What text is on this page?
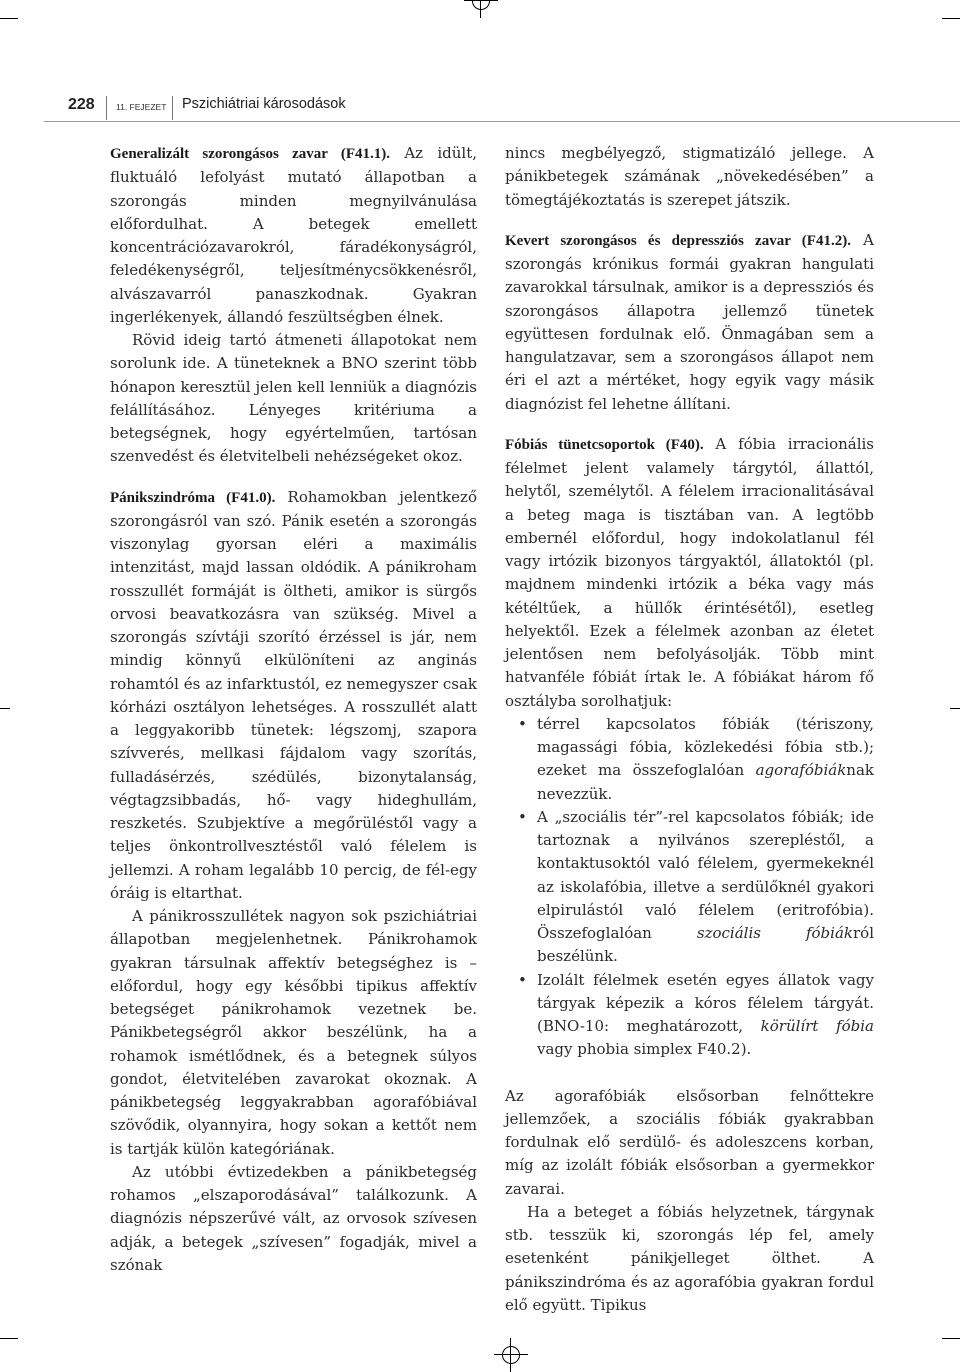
228	11. FEJEZET Pszichiátriai károsodások

Generalizált szorongásos zavar (F41.1). Az idült, fluktuáló lefolyást mutató állapotban a szorongás minden megnyilvánulása előfordulhat. A betegek emellett koncentrációzavarokról, fáradékonyságról, feledékenységről, teljesítménycsökkenésről, alvászavarról panaszkodnak. Gyakran ingerlékenyek, állandó feszültségben élnek.

Rövid ideig tartó átmeneti állapotokat nem sorolunk ide. A tüneteknek a BNO szerint több hónapon keresztül jelen kell lenniük a diagnózis felállításához. Lényeges kritériuma a betegségnek, hogy egyértelműen, tartósan szenvedést és életvitelbeli nehézségeket okoz.

Pánikszindróma (F41.0). Rohamokban jelentkező szorongásról van szó. Pánik esetén a szorongás viszonylag gyorsan eléri a maximális intenzitást, majd lassan oldódik. A pánikroham rosszullét formáját is öltheti, amikor is sürgős orvosi beavatkozásra van szükség. Mivel a szorongás szívtáji szorító érzéssel is jár, nem mindig könnyű elkülöníteni az anginás rohamtól és az infarktustól, ez nemegyszer csak kórházi osztályon lehetséges. A rosszullét alatt a leggyakoribb tünetek: légszomj, szapora szívverés, mellkasi fájdalom vagy szorítás, fulladásérzés, szédülés, bizonytalanság, végtagzsibbadás, hő- vagy hideghullám, reszketés. Szubjektíve a megőrüléstől vagy a teljes önkontrollvesztéstől való félelem is jellemzi. A roham legalább 10 percig, de fél-egy óráig is eltarthat.

A pánikrosszullétek nagyon sok pszichiátriai állapotban megjelenhetnek. Pánikrohamok gyakran társulnak affektív betegséghez is – előfordul, hogy egy későbbi tipikus affektív betegséget pánikrohamok vezetnek be. Pánikbetegségről akkor beszélünk, ha a rohamok ismétlődnek, és a betegnek súlyos gondot, életvitelében zavarokat okoznak. A pánikbetegség leggyakrabban agorafóbiával szövődik, olyannyira, hogy sokan a kettőt nem is tartják külön kategóriának.

Az utóbbi évtizedekben a pánikbetegség rohamos „elszaporodásával” találkozunk. A diagnózis népszerűvé vált, az orvosok szívesen adják, a betegek „szívesen” fogadják, mivel a szónak

nincs megbélyegző, stigmatizáló jellege. A pánikbetegek számának „növekedésében” a tömegtájékoztatás is szerepet játszik.

Kevert szorongásos és depressziós zavar (F41.2). A szorongás krónikus formái gyakran hangulati zavarokkal társulnak, amikor is a depressziós és szorongásos állapotra jellemző tünetek együttesen fordulnak elő. Önmagában sem a hangulatzavar, sem a szorongásos állapot nem éri el azt a mértéket, hogy egyik vagy másik diagnózist fel lehetne állítani.

Fóbiás tünetcsoportok (F40). A fóbia irracionális félelmet jelent valamely tárgytól, állattól, helytől, személytől. A félelem irracionalitásával a beteg maga is tisztában van. A legtöbb embernél előfordul, hogy indokolatlanul fél vagy irtózik bizonyos tárgyaktól, állatoktól (pl. majdnem mindenki irtózik a béka vagy más kétéltűek, a hüllők érintésétől), esetleg helyektől. Ezek a félelmek azonban az életet jelentősen nem befolyásolják. Több mint hatvanféle fóbiát írtak le. A fóbiákat három fő osztályba sorolhatjuk:

• térrel kapcsolatos fóbiák (tériszony, magassági fóbia, közlekedési fóbia stb.); ezeket ma összefoglalóan agorafóbiáknak nevezzük.
• A „szociális tér”-rel kapcsolatos fóbiák; ide tartoznak a nyilvános szerepléstől, a kontaktusoktól való félelem, gyermekeknél az iskolafóbia, illetve a serdülőknél gyakori elpirulástól való félelem (eritrofóbia). Összefoglalóan szociális fóbiákról beszélünk.
• Izolált félelmek esetén egyes állatok vagy tárgyak képezik a kóros félelem tárgyát. (BNO-10: meghatározott, körülírt fóbia vagy phobia simplex F40.2).

Az agorafóbiák elsősorban felnőttekre jellemzőek, a szociális fóbiák gyakrabban fordulnak elő serdülő- és adoleszcens korban, míg az izolált fóbiák elsősorban a gyermekkor zavarai.

Ha a beteget a fóbiás helyzetnek, tárgynak stb. tesszük ki, szorongás lép fel, amely esetenként pánikjelleget ölthet. A pánikszindróma és az agorafóbia gyakran fordul elő együtt. Tipikus
